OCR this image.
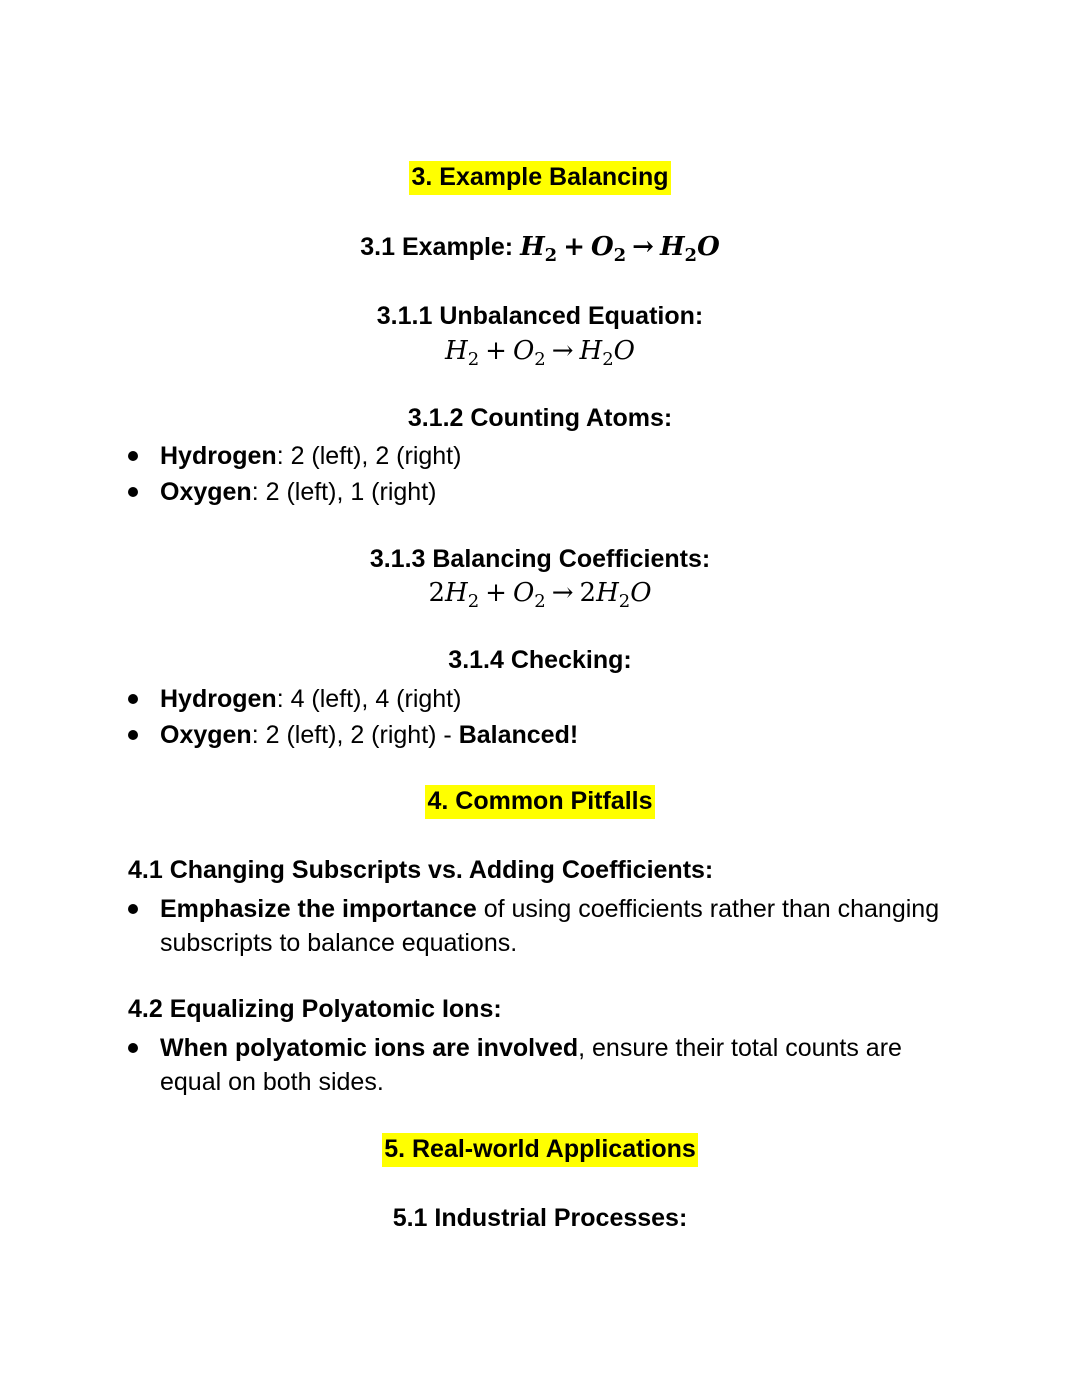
3. Example Balancing
3.1 Example: $H_2 + O_2 \to H_2O$
3.1.1 Unbalanced Equation:
$H_2 + O_2 \to H_2O$
3.1.2 Counting Atoms:
Hydrogen: 2 (left), 2 (right)
Oxygen: 2 (left), 1 (right)
3.1.3 Balancing Coefficients:
$2H_2 + O_2 \to 2H_2O$
3.1.4 Checking:
Hydrogen: 4 (left), 4 (right)
Oxygen: 2 (left), 2 (right) - Balanced!
4. Common Pitfalls
4.1 Changing Subscripts vs. Adding Coefficients:
Emphasize the importance of using coefficients rather than changing
subscripts to balance equations.
4.2 Equalizing Polyatomic Ions:
When polyatomic ions are involved, ensure their total counts are
equal on both sides.
5. Real-world Applications
5.1 Industrial Processes:
